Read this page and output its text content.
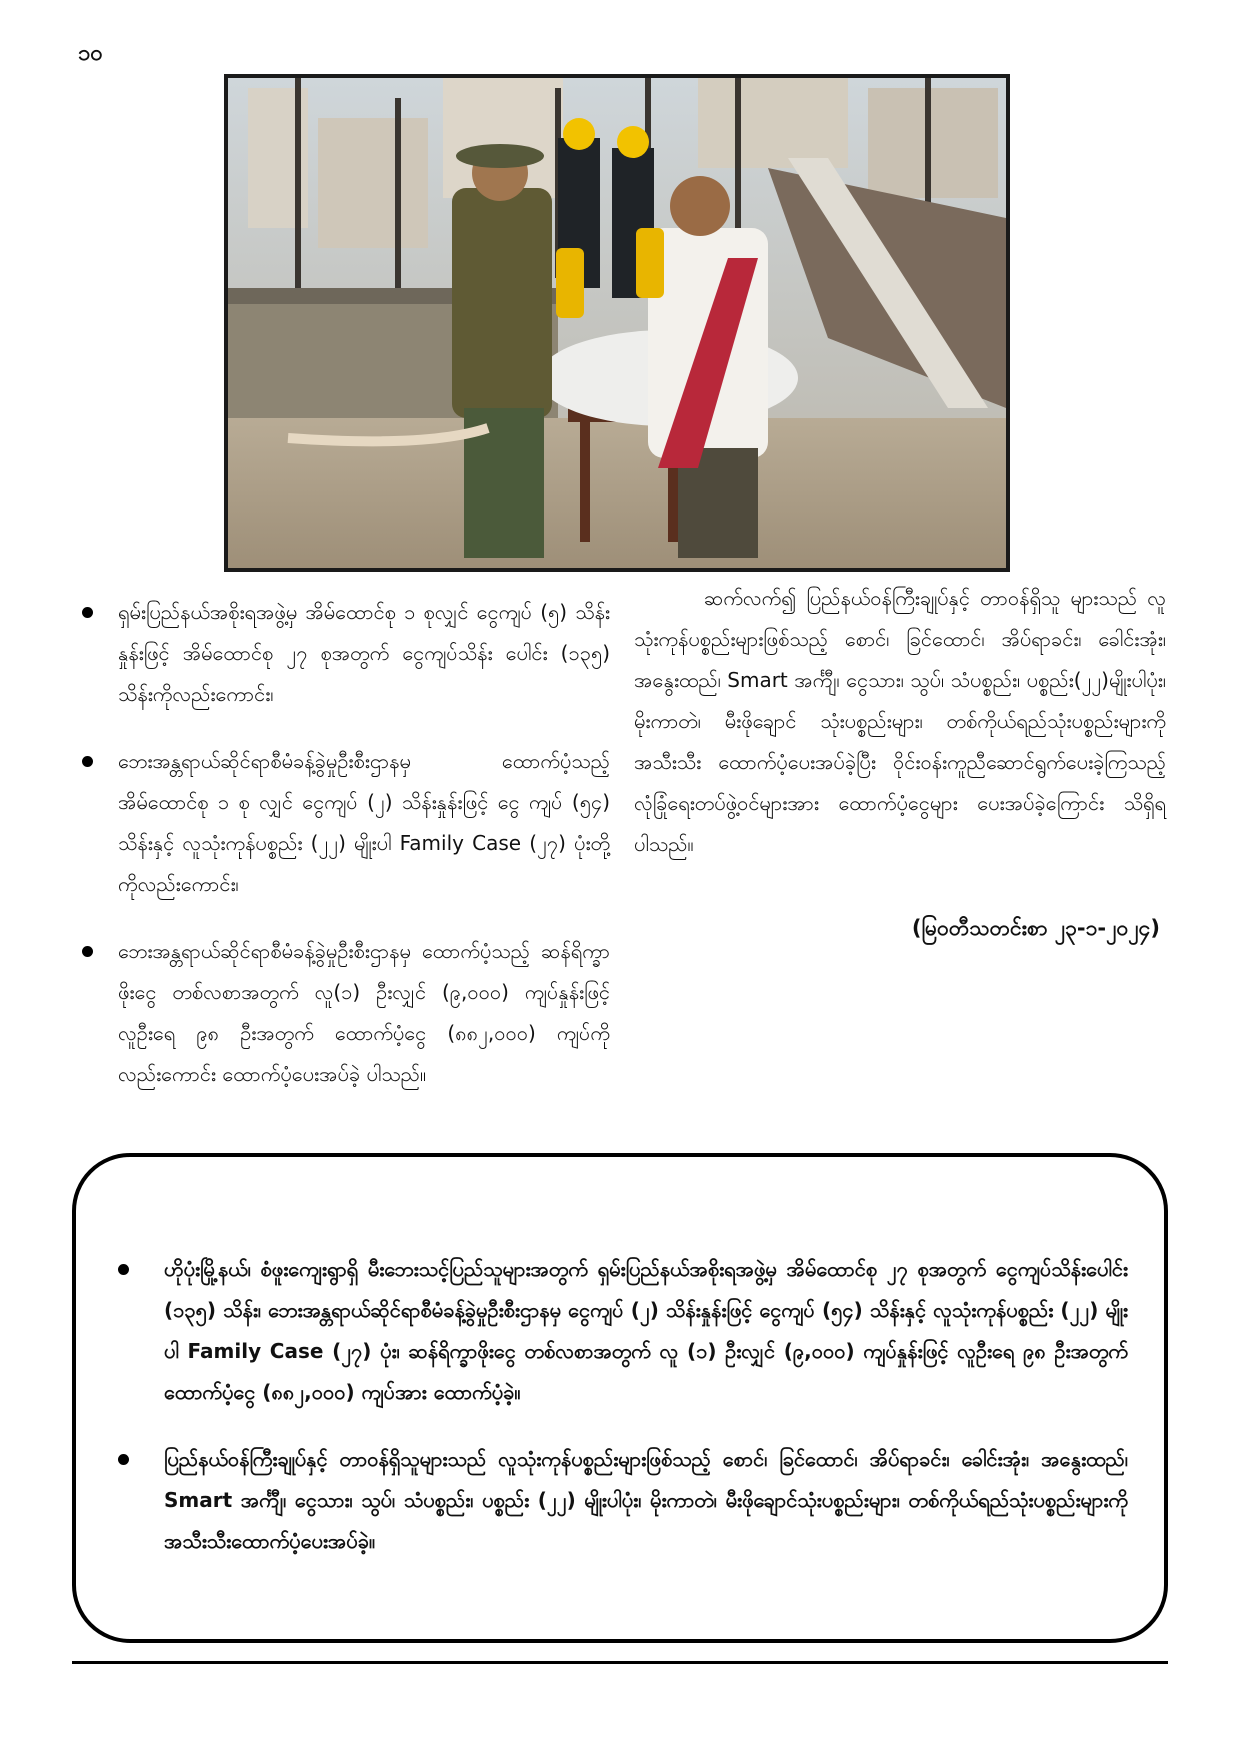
၁၀
ရှမ်းပြည်နယ်အစိုးရအဖွဲ့မှ အိမ်ထောင်စု ၁ စုလျှင် ငွေကျပ် (၅) သိန်းနှုန်းဖြင့် အိမ်ထောင်စု ၂၇ စုအတွက် ငွေကျပ်သိန်း ပေါင်း (၁၃၅) သိန်းကိုလည်းကောင်း၊
ဘေးအန္တရာယ်ဆိုင်ရာစီမံခန့်ခွဲမှုဦးစီးဌာနမှ ထောက်ပံ့သည့် အိမ်ထောင်စု ၁ စု လျှင် ငွေကျပ် (၂) သိန်းနှုန်းဖြင့် ငွေ ကျပ် (၅၄) သိန်းနှင့် လူသုံးကုန်ပစ္စည်း (၂၂) မျိုးပါ Family Case (၂၇) ပုံးတို့ကိုလည်းကောင်း၊
ဘေးအန္တရာယ်ဆိုင်ရာစီမံခန့်ခွဲမှုဦးစီးဌာနမှ ထောက်ပံ့သည့် ဆန်ရိက္ခာဖိုးငွေ တစ်လစာအတွက် လူ(၁) ဦးလျှင် (၉,၀၀၀) ကျပ်နှုန်းဖြင့် လူဦးရေ ၉၈ ဦးအတွက် ထောက်ပံ့ငွေ (၈၈၂,၀၀၀) ကျပ်ကိုလည်းကောင်း ထောက်ပံ့ပေးအပ်ခဲ့ ပါသည်။

ဆက်လက်၍ ပြည်နယ်ဝန်ကြီးချုပ်နှင့် တာဝန်ရှိသူ များသည် လူသုံးကုန်ပစ္စည်းများဖြစ်သည့် စောင်၊ ခြင်ထောင်၊ အိပ်ရာခင်း၊ ခေါင်းအုံး၊ အနွေးထည်၊ Smart အင်္ကျီ၊ ငွေသား၊ သွပ်၊ သံပစ္စည်း၊ ပစ္စည်း(၂၂)မျိုးပါပုံး၊ မိုးကာတဲ၊ မီးဖိုချောင် သုံးပစ္စည်းများ၊ တစ်ကိုယ်ရည်သုံးပစ္စည်းများကို အသီးသီး ထောက်ပံ့ပေးအပ်ခဲ့ပြီး ဝိုင်းဝန်းကူညီဆောင်ရွက်ပေးခဲ့ကြသည့် လုံခြုံရေးတပ်ဖွဲ့ဝင်များအား ထောက်ပံ့ငွေများ ပေးအပ်ခဲ့ကြောင်း သိရှိရပါသည်။

(မြဝတီသတင်းစာ ၂၃-၁-၂၀၂၄)
ဟိုပုံးမြို့နယ်၊ စံဖူးကျေးရွာရှိ မီးဘေးသင့်ပြည်သူများအတွက် ရှမ်းပြည်နယ်အစိုးရအဖွဲ့မှ အိမ်ထောင်စု ၂၇ စုအတွက် ငွေကျပ်သိန်းပေါင်း (၁၃၅) သိန်း၊ ဘေးအန္တရာယ်ဆိုင်ရာစီမံခန့်ခွဲမှုဦးစီးဌာနမှ ငွေကျပ် (၂) သိန်းနှုန်းဖြင့် ငွေကျပ် (၅၄) သိန်းနှင့် လူသုံးကုန်ပစ္စည်း (၂၂) မျိုးပါ Family Case (၂၇) ပုံး၊ ဆန်ရိက္ခာဖိုးငွေ တစ်လစာအတွက် လူ (၁) ဦးလျှင် (၉,၀၀၀) ကျပ်နှုန်းဖြင့် လူဦးရေ ၉၈ ဦးအတွက် ထောက်ပံ့ငွေ (၈၈၂,၀၀၀) ကျပ်အား ထောက်ပံ့ခဲ့။
ပြည်နယ်ဝန်ကြီးချုပ်နှင့် တာဝန်ရှိသူများသည် လူသုံးကုန်ပစ္စည်းများဖြစ်သည့် စောင်၊ ခြင်ထောင်၊ အိပ်ရာခင်း၊ ခေါင်းအုံး၊ အနွေးထည်၊ Smart အင်္ကျီ၊ ငွေသား၊ သွပ်၊ သံပစ္စည်း၊ ပစ္စည်း (၂၂) မျိုးပါပုံး၊ မိုးကာတဲ၊ မီးဖိုချောင်သုံးပစ္စည်းများ၊ တစ်ကိုယ်ရည်သုံးပစ္စည်းများကို အသီးသီးထောက်ပံ့ပေးအပ်ခဲ့။
